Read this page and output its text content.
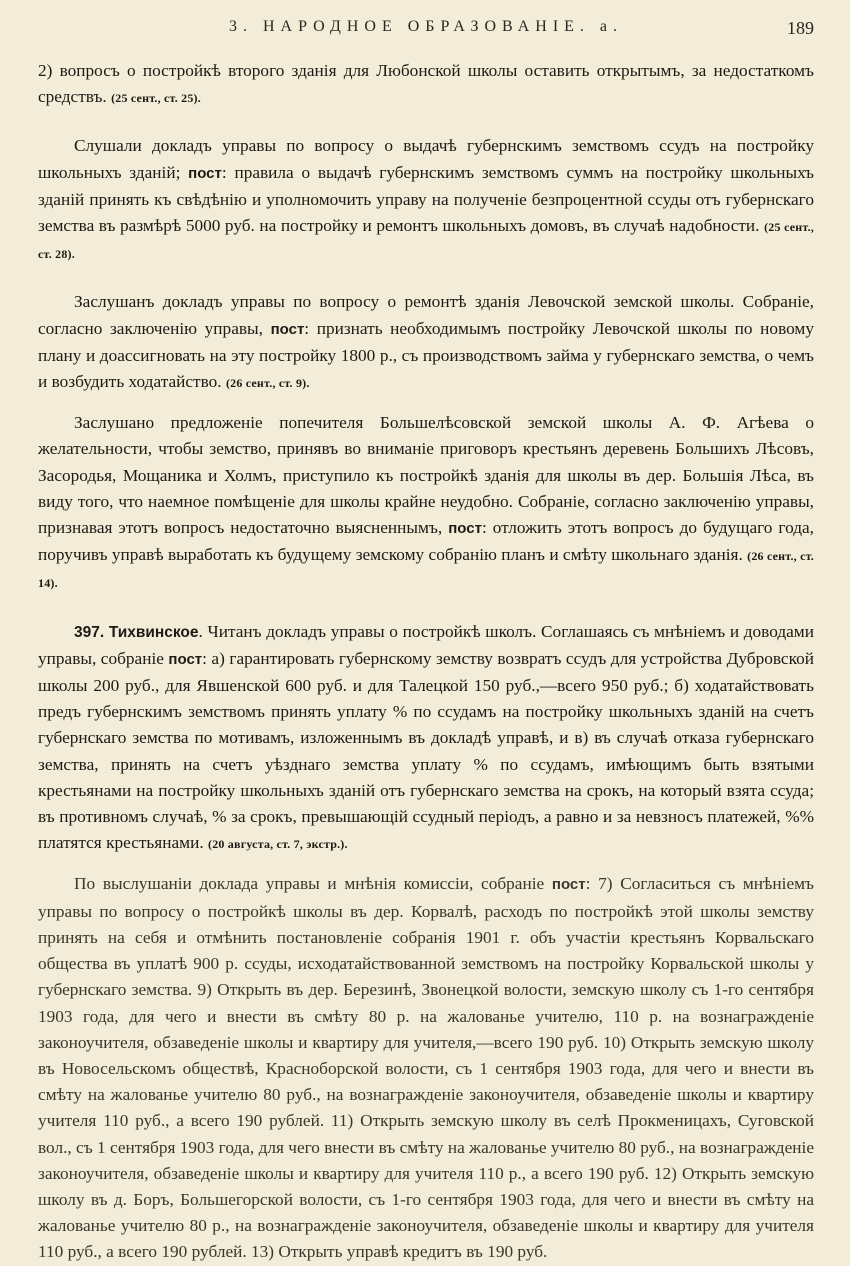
3. НАРОДНОЕ ОБРАЗОВАНІЕ. а.	189

2) вопросъ о постройкѣ второго зданія для Любонской школы оставить открытымъ, за недостаткомъ средствъ. (25 сент., ст. 25).

Слушали докладъ управы по вопросу о выдачѣ губернскимъ земствомъ ссудъ на постройку школьныхъ зданій; пост: правила о выдачѣ губернскимъ земствомъ суммъ на постройку школьныхъ зданій принять къ свѣдѣнію и уполномочить управу на полученіе безпроцентной ссуды отъ губернскаго земства въ размѣрѣ 5000 руб. на постройку и ремонтъ школьныхъ домовъ, въ случаѣ надобности. (25 сент., ст. 28).

Заслушанъ докладъ управы по вопросу о ремонтѣ зданія Левочской земской школы. Собраніе, согласно заключенію управы, пост: признать необходимымъ постройку Левочской школы по новому плану и доассигновать на эту постройку 1800 р., съ производствомъ займа у губернскаго земства, о чемъ и возбудить ходатайство. (26 сент., ст. 9).

Заслушано предложеніе попечителя Большелѣсовской земской школы А. Ф. Агѣева о желательности, чтобы земство, принявъ во вниманіе приговоръ крестьянъ деревень Большихъ Лѣсовъ, Засородья, Мощаника и Холмъ, приступило къ постройкѣ зданія для школы въ дер. Большія Лѣса, въ виду того, что наемное помѣщеніе для школы крайне неудобно. Собраніе, согласно заключенію управы, признавая этотъ вопросъ недостаточно выясненнымъ, пост: отложить этотъ вопросъ до будущаго года, поручивъ управѣ выработать къ будущему земскому собранію планъ и смѣту школьнаго зданія. (26 сент., ст. 14).

397. Тихвинское. Читанъ докладъ управы о постройкѣ школъ. Соглашаясь съ мнѣніемъ и доводами управы, собраніе пост: а) гарантировать губернскому земству возвратъ ссудъ для устройства Дубровской школы 200 руб., для Явшенской 600 руб. и для Талецкой 150 руб.,—всего 950 руб.; б) ходатайствовать предъ губернскимъ земствомъ принять уплату % по ссудамъ на постройку школьныхъ зданій на счетъ губернскаго земства по мотивамъ, изложеннымъ въ докладѣ управѣ, и в) въ случаѣ отказа губернскаго земства, принять на счетъ уѣзднаго земства уплату % по ссудамъ, имѣющимъ быть взятыми крестьянами на постройку школьныхъ зданій отъ губернскаго земства на срокъ, на который взята ссуда; въ противномъ случаѣ, % за срокъ, превышающій ссудный періодъ, а равно и за невзносъ платежей, %% платятся крестьянами. (20 августа, ст. 7, экстр.).

По выслушаніи доклада управы и мнѣнія комиссіи, собраніе пост: 7) Согласиться съ мнѣніемъ управы по вопросу о постройкѣ школы въ дер. Корвалѣ, расходъ по постройкѣ этой школы земству принять на себя и отмѣнить постановленіе собранія 1901 г. объ участіи крестьянъ Корвальскаго общества въ уплатѣ 900 р. ссуды, исходатайствованной земствомъ на постройку Корвальской школы у губернскаго земства. 9) Открыть въ дер. Березинѣ, Звонецкой волости, земскую школу съ 1-го сентября 1903 года, для чего и внести въ смѣту 80 р. на жалованье учителю, 110 р. на вознагражденіе законоучителя, обзаведеніе школы и квартиру для учителя,—всего 190 руб. 10) Открыть земскую школу въ Новосельскомъ обществѣ, Красноборской волости, съ 1 сентября 1903 года, для чего и внести въ смѣту на жалованье учителю 80 руб., на вознагражденіе законоучителя, обзаведеніе школы и квартиру учителя 110 руб., а всего 190 рублей. 11) Открыть земскую школу въ селѣ Прокменицахъ, Суговской вол., съ 1 сентября 1903 года, для чего внести въ смѣту на жалованье учителю 80 руб., на вознагражденіе законоучителя, обзаведеніе школы и квартиру для учителя 110 р., а всего 190 руб. 12) Открыть земскую школу въ д. Боръ, Большегорской волости, съ 1-го сентября 1903 года, для чего и внести въ смѣту на жалованье учителю 80 р., на вознагражденіе законоучителя, обзаведеніе школы и квартиру для учителя 110 руб., а всего 190 рублей. 13) Открыть управѣ кредитъ въ 190 руб.
